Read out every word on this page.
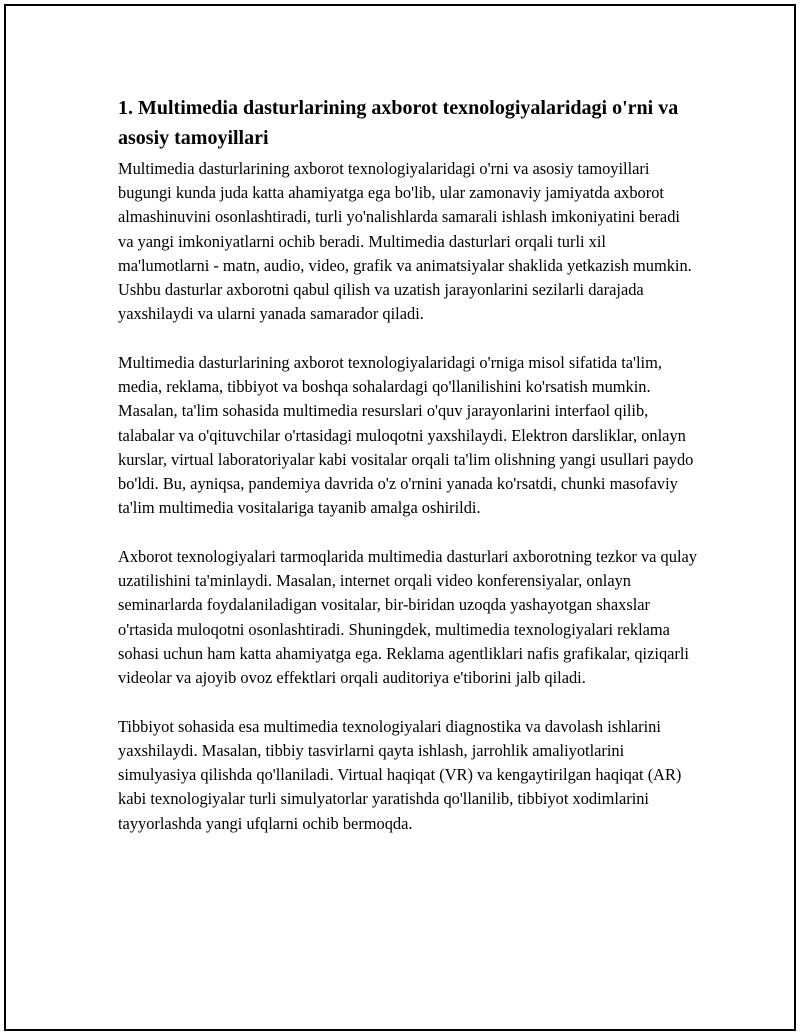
1. Multimedia dasturlarining axborot texnologiyalaridagi o'rni va asosiy tamoyillari

Multimedia dasturlarining axborot texnologiyalaridagi o'rni va asosiy tamoyillari bugungi kunda juda katta ahamiyatga ega bo'lib, ular zamonaviy jamiyatda axborot almashinuvini osonlashtiradi, turli yo'nalishlarda samarali ishlash imkoniyatini beradi va yangi imkoniyatlarni ochib beradi. Multimedia dasturlari orqali turli xil ma'lumotlarni - matn, audio, video, grafik va animatsiyalar shaklida yetkazish mumkin. Ushbu dasturlar axborotni qabul qilish va uzatish jarayonlarini sezilarli darajada yaxshilaydi va ularni yanada samarador qiladi.

Multimedia dasturlarining axborot texnologiyalaridagi o'rniga misol sifatida ta'lim, media, reklama, tibbiyot va boshqa sohalardagi qo'llanilishini ko'rsatish mumkin. Masalan, ta'lim sohasida multimedia resurslari o'quv jarayonlarini interfaol qilib, talabalar va o'qituvchilar o'rtasidagi muloqotni yaxshilaydi. Elektron darsliklar, onlayn kurslar, virtual laboratoriyalar kabi vositalar orqali ta'lim olishning yangi usullari paydo bo'ldi. Bu, ayniqsa, pandemiya davrida o'z o'rnini yanada ko'rsatdi, chunki masofaviy ta'lim multimedia vositalariga tayanib amalga oshirildi.

Axborot texnologiyalari tarmoqlarida multimedia dasturlari axborotning tezkor va qulay uzatilishini ta'minlaydi. Masalan, internet orqali video konferensiyalar, onlayn seminarlarda foydalaniladigan vositalar, bir-biridan uzoqda yashayotgan shaxslar o'rtasida muloqotni osonlashtiradi. Shuningdek, multimedia texnologiyalari reklama sohasi uchun ham katta ahamiyatga ega. Reklama agentliklari nafis grafikalar, qiziqarli videolar va ajoyib ovoz effektlari orqali auditoriya e'tiborini jalb qiladi.

Tibbiyot sohasida esa multimedia texnologiyalari diagnostika va davolash ishlarini yaxshilaydi. Masalan, tibbiy tasvirlarni qayta ishlash, jarrohlik amaliyotlarini simulyasiya qilishda qo'llaniladi. Virtual haqiqat (VR) va kengaytirilgan haqiqat (AR) kabi texnologiyalar turli simulyatorlar yaratishda qo'llanilib, tibbiyot xodimlarini tayyorlashda yangi ufqlarni ochib bermoqda.
